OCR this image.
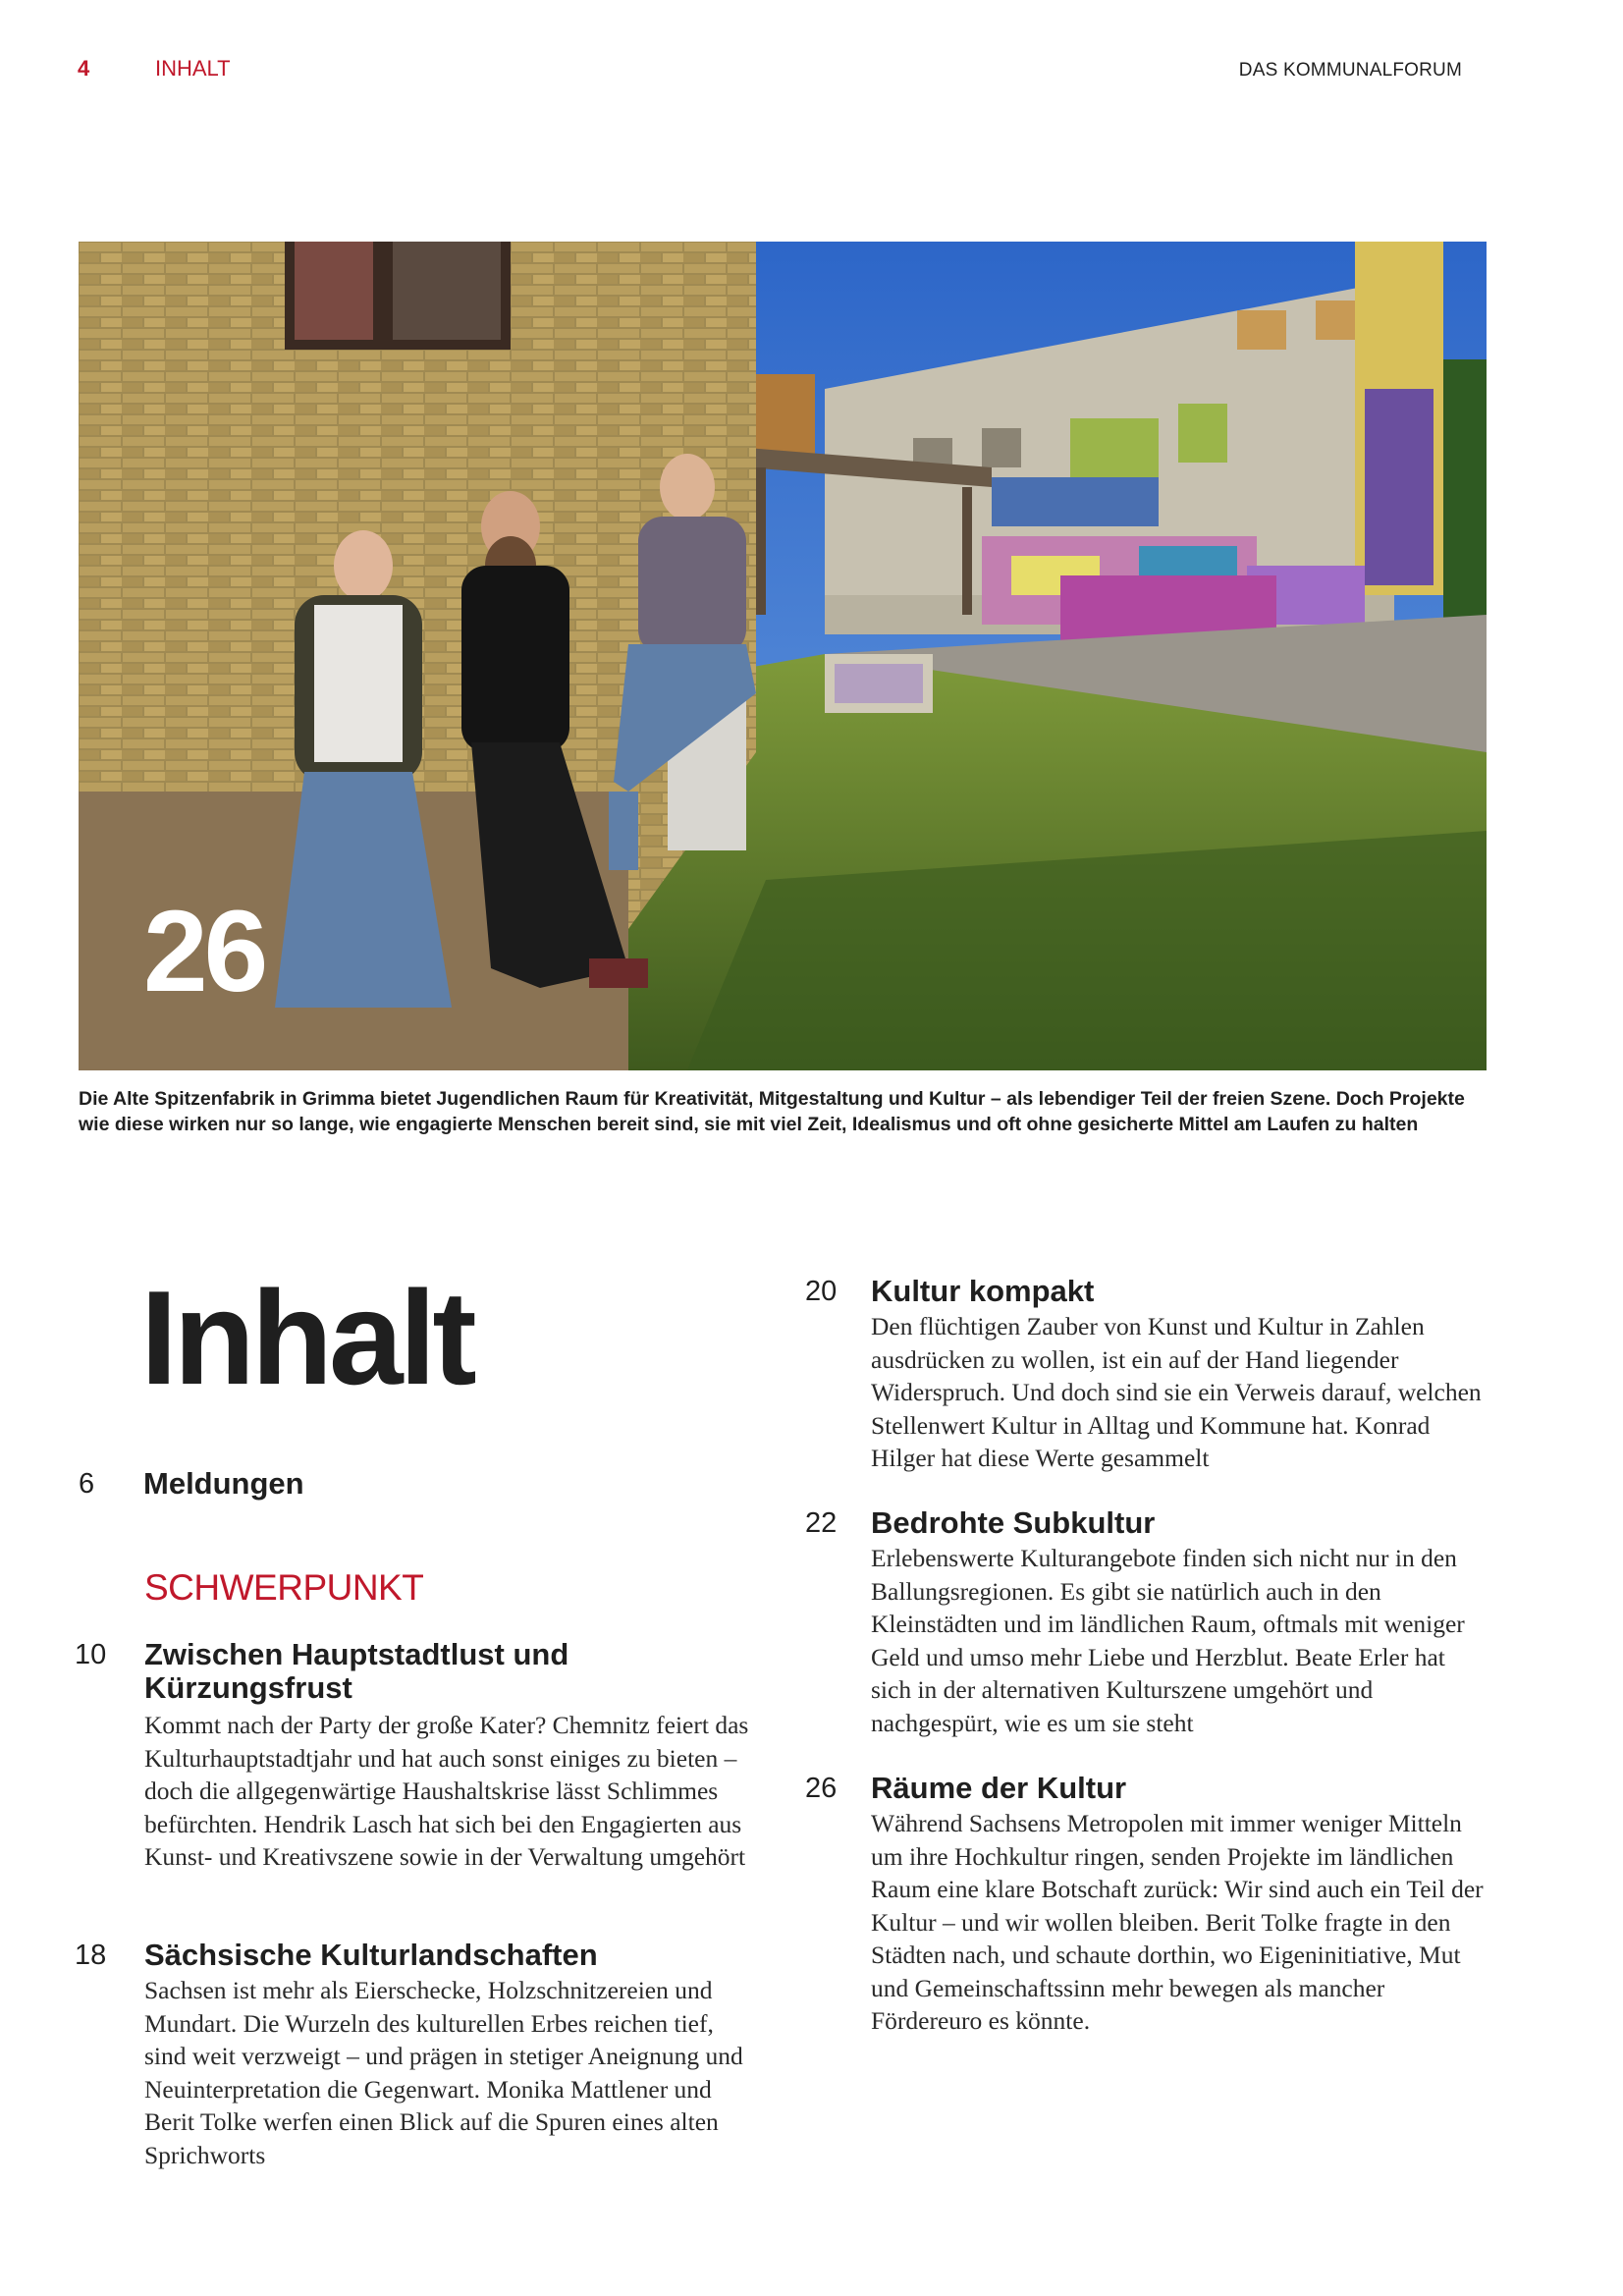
4	INHALT	DAS KOMMUNALFORUM
26
Die Alte Spitzenfabrik in Grimma bietet Jugendlichen Raum für Kreativität, Mitgestaltung und Kultur – als lebendiger Teil der freien Szene. Doch Projekte wie diese wirken nur so lange, wie engagierte Menschen bereit sind, sie mit viel Zeit, Idealismus und oft ohne gesicherte Mittel am Laufen zu halten
Inhalt
6 Meldungen
SCHWERPUNKT
10 Zwischen Hauptstadtlust und Kürzungsfrust
Kommt nach der Party der große Kater? Chemnitz feiert das Kulturhauptstadtjahr und hat auch sonst einiges zu bieten – doch die allgegenwärtige Haushaltskrise lässt Schlimmes befürchten. Hendrik Lasch hat sich bei den Engagierten aus Kunst- und Kreativszene sowie in der Verwaltung umgehört
18 Sächsische Kulturlandschaften
Sachsen ist mehr als Eierschecke, Holzschnitzereien und Mundart. Die Wurzeln des kulturellen Erbes reichen tief, sind weit verzweigt – und prägen in stetiger Aneignung und Neuinterpretation die Gegenwart. Monika Mattlener und Berit Tolke werfen einen Blick auf die Spuren eines alten Sprichworts
20 Kultur kompakt
Den flüchtigen Zauber von Kunst und Kultur in Zahlen ausdrücken zu wollen, ist ein auf der Hand liegender Widerspruch. Und doch sind sie ein Verweis darauf, welchen Stellenwert Kultur in Alltag und Kommune hat. Konrad Hilger hat diese Werte gesammelt
22 Bedrohte Subkultur
Erlebenswerte Kulturangebote finden sich nicht nur in den Ballungsregionen. Es gibt sie natürlich auch in den Kleinstädten und im ländlichen Raum, oftmals mit weniger Geld und umso mehr Liebe und Herzblut. Beate Erler hat sich in der alternativen Kulturszene umgehört und nachgespürt, wie es um sie steht
26 Räume der Kultur
Während Sachsens Metropolen mit immer weniger Mitteln um ihre Hochkultur ringen, senden Projekte im ländlichen Raum eine klare Botschaft zurück: Wir sind auch ein Teil der Kultur – und wir wollen bleiben. Berit Tolke fragte in den Städten nach, und schaute dorthin, wo Eigeninitiative, Mut und Gemeinschaftssinn mehr bewegen als mancher Fördereuro es könnte.
